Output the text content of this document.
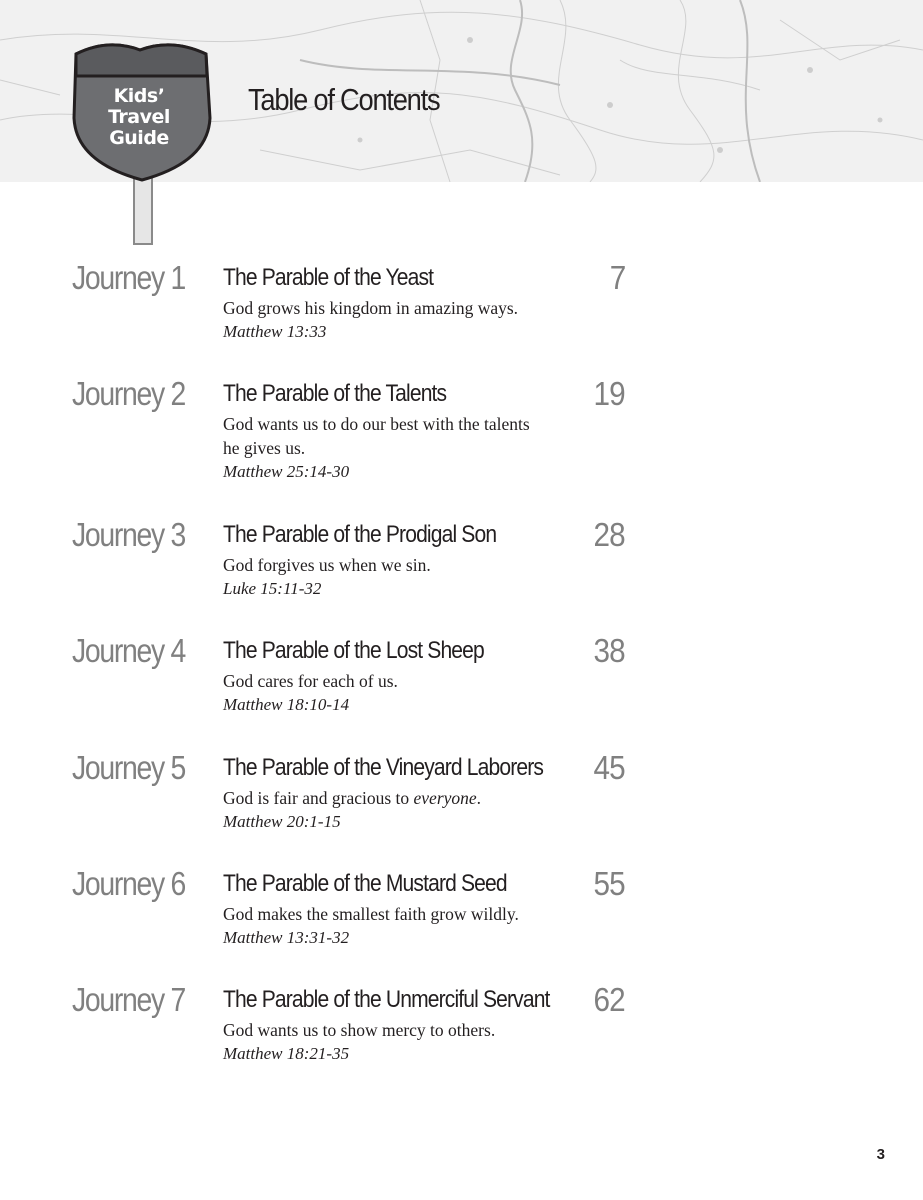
Kids’
Travel
Guide
Table of Contents
Journey 1 The Parable of the Yeast	7
God grows his kingdom in amazing ways.
Matthew 13:33
Journey 2 The Parable of the Talents	19
God wants us to do our best with the talents he gives us.
Matthew 25:14-30
Journey 3 The Parable of the Prodigal Son	28
God forgives us when we sin.
Luke 15:11-32
Journey 4 The Parable of the Lost Sheep	38
God cares for each of us.
Matthew 18:10-14
Journey 5 The Parable of the Vineyard Laborers 45
God is fair and gracious to everyone.
Matthew 20:1-15
Journey 6 The Parable of the Mustard Seed	55
God makes the smallest faith grow wildly.
Matthew 13:31-32
Journey 7 The Parable of the Unmerciful Servant 62
God wants us to show mercy to others.
Matthew 18:21-35
3
